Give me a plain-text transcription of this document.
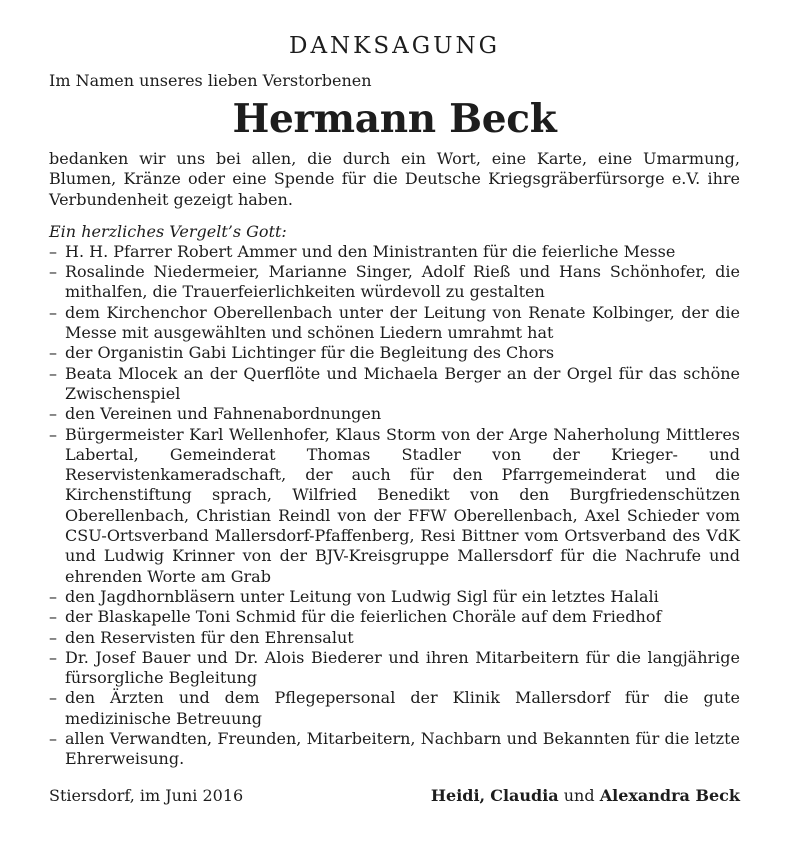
DANKSAGUNG
Im Namen unseres lieben Verstorbenen
Hermann Beck
bedanken wir uns bei allen, die durch ein Wort, eine Karte, eine Umarmung, Blumen, Kränze oder eine Spende für die Deutsche Kriegsgräberfürsorge e.V. ihre Verbundenheit gezeigt haben.
Ein herzliches Vergelt’s Gott:
– H. H. Pfarrer Robert Ammer und den Ministranten für die feierliche Messe
– Rosalinde Niedermeier, Marianne Singer, Adolf Rieß und Hans Schönhofer, die mithalfen, die Trauerfeierlichkeiten würdevoll zu gestalten
– dem Kirchenchor Oberellenbach unter der Leitung von Renate Kolbinger, der die Messe mit ausgewählten und schönen Liedern umrahmt hat
– der Organistin Gabi Lichtinger für die Begleitung des Chors
– Beata Mlocek an der Querflöte und Michaela Berger an der Orgel für das schöne Zwischenspiel
– den Vereinen und Fahnenabordnungen
– Bürgermeister Karl Wellenhofer, Klaus Storm von der Arge Naherholung Mittleres Labertal, Gemeinderat Thomas Stadler von der Krieger- und Reservistenkameradschaft, der auch für den Pfarrgemeinderat und die Kirchenstiftung sprach, Wilfried Benedikt von den Burgfriedenschützen Oberellenbach, Christian Reindl von der FFW Oberellenbach, Axel Schieder vom CSU-Ortsverband Mallersdorf-Pfaffenberg, Resi Bittner vom Ortsverband des VdK und Ludwig Krinner von der BJV-Kreisgruppe Mallersdorf für die Nachrufe und ehrenden Worte am Grab
– den Jagdhornbläsern unter Leitung von Ludwig Sigl für ein letztes Halali
– der Blaskapelle Toni Schmid für die feierlichen Choräle auf dem Friedhof
– den Reservisten für den Ehrensalut
– Dr. Josef Bauer und Dr. Alois Biederer und ihren Mitarbeitern für die langjährige fürsorgliche Begleitung
– den Ärzten und dem Pflegepersonal der Klinik Mallersdorf für die gute medizinische Betreuung
– allen Verwandten, Freunden, Mitarbeitern, Nachbarn und Bekannten für die letzte Ehrerweisung.
Stiersdorf, im Juni 2016	Heidi, Claudia und Alexandra Beck
